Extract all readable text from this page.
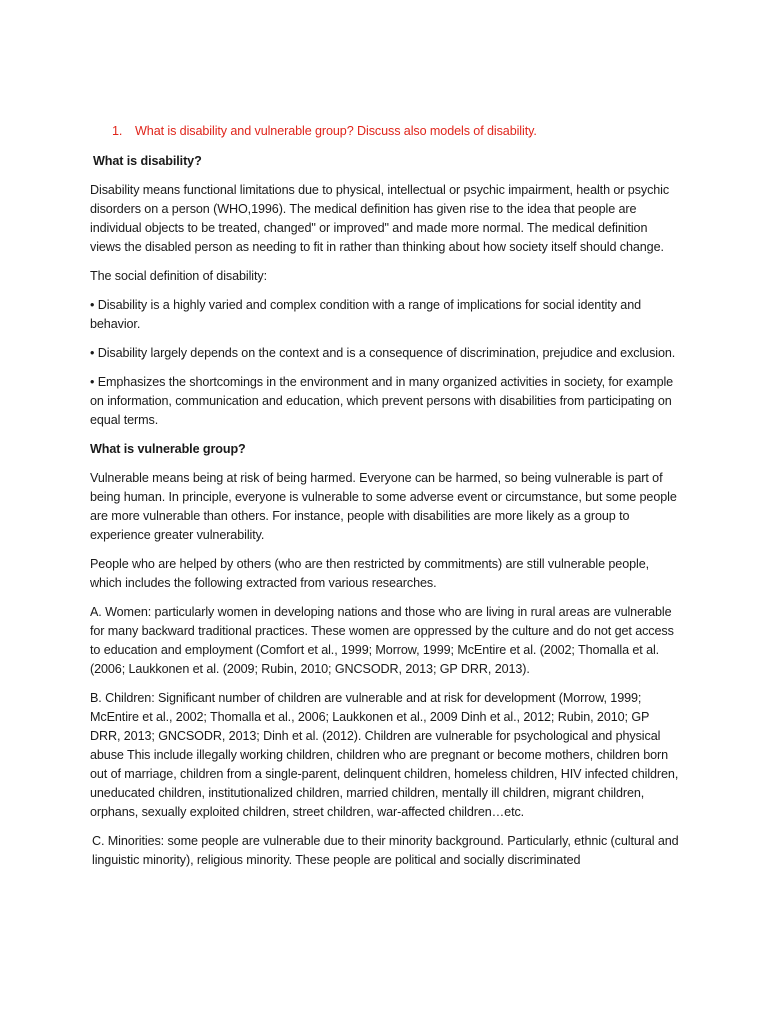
1.	What is disability and vulnerable group? Discuss also models of disability.
What is disability?

Disability means functional limitations due to physical, intellectual or psychic impairment, health or psychic disorders on a person (WHO,1996). The medical definition has given rise to the idea that people are individual objects to be treated, changed" or improved" and made more normal. The medical definition views the disabled person as needing to fit in rather than thinking about how society itself should change.

The social definition of disability:

• Disability is a highly varied and complex condition with a range of implications for social identity and behavior.

• Disability largely depends on the context and is a consequence of discrimination, prejudice and exclusion.

• Emphasizes the shortcomings in the environment and in many organized activities in society, for example on information, communication and education, which prevent persons with disabilities from participating on equal terms.

What is vulnerable group?

Vulnerable means being at risk of being harmed. Everyone can be harmed, so being vulnerable is part of being human. In principle, everyone is vulnerable to some adverse event or circumstance, but some people are more vulnerable than others. For instance, people with disabilities are more likely as a group to experience greater vulnerability.

People who are helped by others (who are then restricted by commitments) are still vulnerable people, which includes the following extracted from various researches.

A. Women: particularly women in developing nations and those who are living in rural areas are vulnerable for many backward traditional practices. These women are oppressed by the culture and do not get access to education and employment (Comfort et al., 1999; Morrow, 1999; McEntire et al. (2002; Thomalla et al. (2006; Laukkonen et al. (2009; Rubin, 2010; GNCSODR, 2013; GP DRR, 2013).

B. Children: Significant number of children are vulnerable and at risk for development (Morrow, 1999; McEntire et al., 2002; Thomalla et al., 2006; Laukkonen et al., 2009 Dinh et al., 2012; Rubin, 2010; GP DRR, 2013; GNCSODR, 2013; Dinh et al. (2012). Children are vulnerable for psychological and physical abuse This include illegally working children, children who are pregnant or become mothers, children born out of marriage, children from a single-parent, delinquent children, homeless children, HIV infected children, uneducated children, institutionalized children, married children, mentally ill children, migrant children, orphans, sexually exploited children, street children, war-affected children…etc.

C. Minorities: some people are vulnerable due to their minority background. Particularly, ethnic (cultural and linguistic minority), religious minority. These people are political and socially discriminated
